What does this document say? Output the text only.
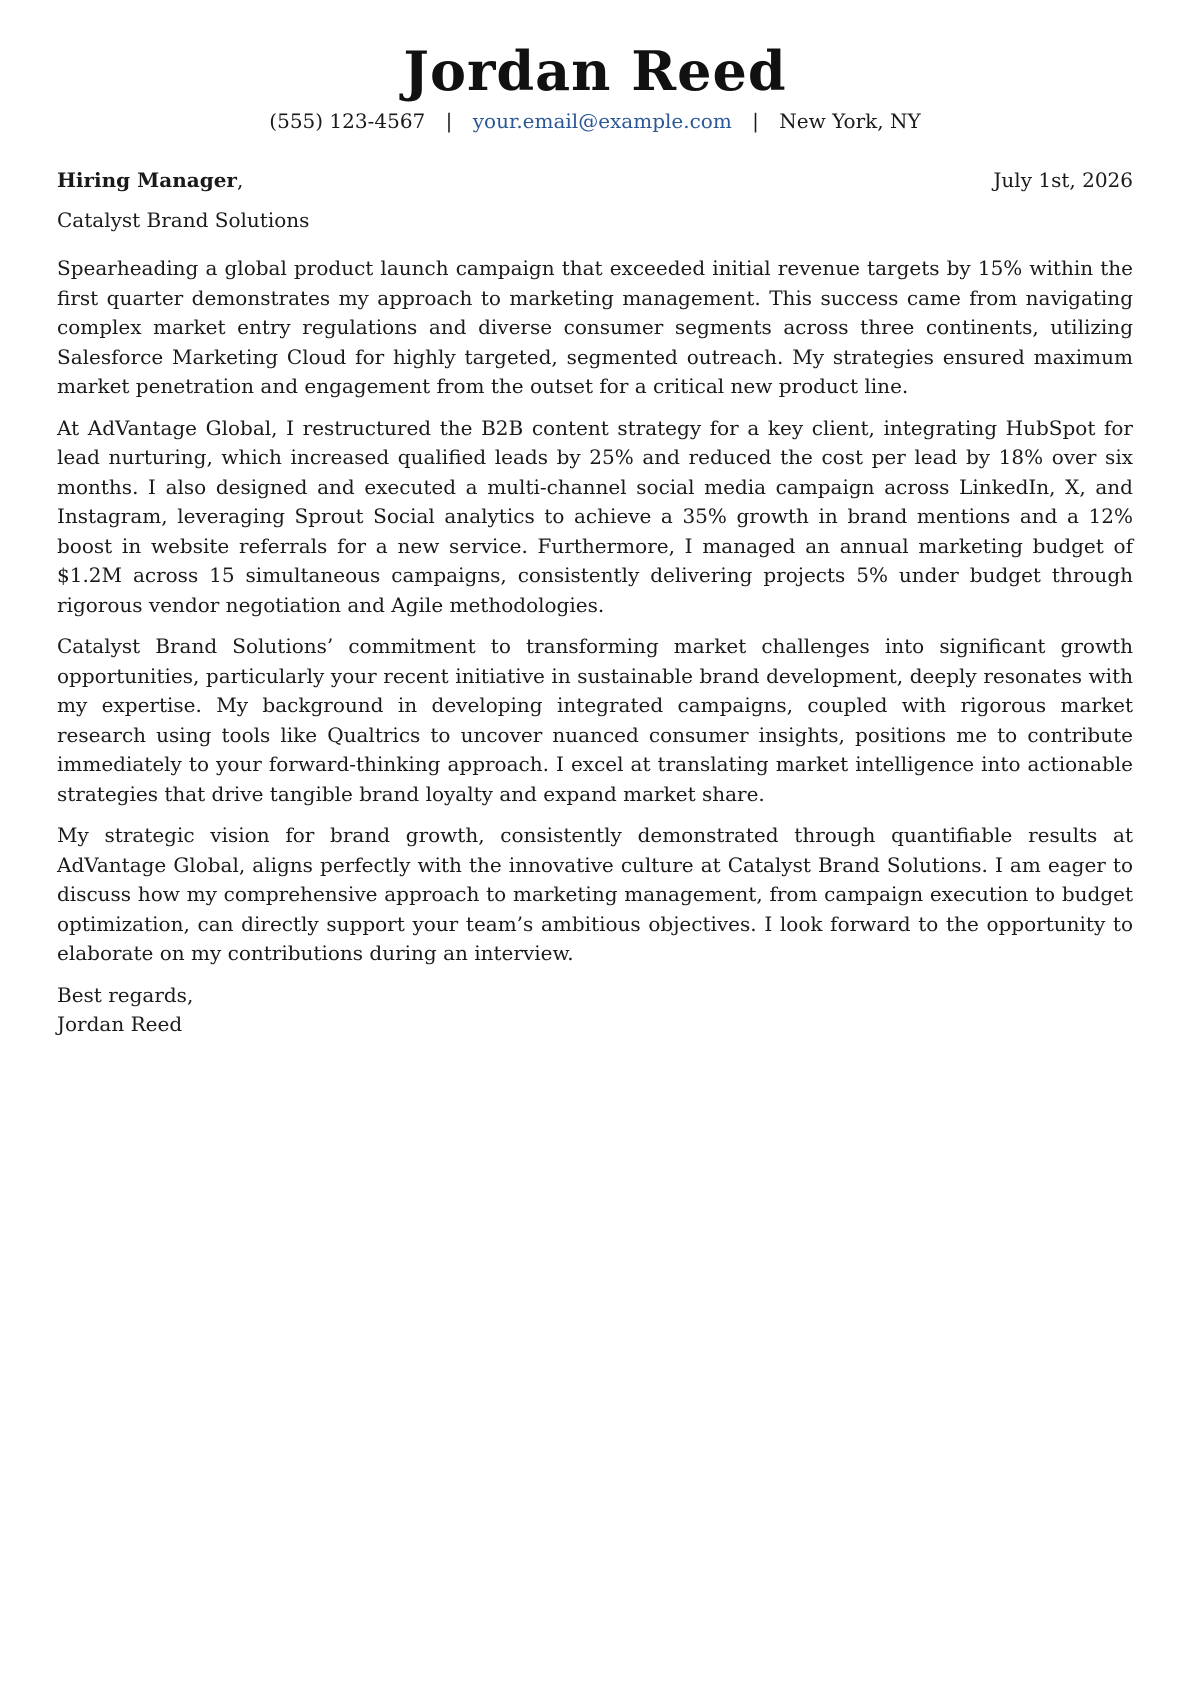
Jordan Reed
(555) 123-4567 | your.email@example.com | New York, NY
Hiring Manager,	July 1st, 2026
Catalyst Brand Solutions

Spearheading a global product launch campaign that exceeded initial revenue targets by 15% within the first quarter demonstrates my approach to marketing management. This success came from navigating complex market entry regulations and diverse consumer segments across three continents, utilizing Salesforce Marketing Cloud for highly targeted, segmented outreach. My strategies ensured maximum market penetration and engagement from the outset for a critical new product line.

At AdVantage Global, I restructured the B2B content strategy for a key client, integrating HubSpot for lead nurturing, which increased qualified leads by 25% and reduced the cost per lead by 18% over six months. I also designed and executed a multi-channel social media campaign across LinkedIn, X, and Instagram, leveraging Sprout Social analytics to achieve a 35% growth in brand mentions and a 12% boost in website referrals for a new service. Furthermore, I managed an annual marketing budget of $1.2M across 15 simultaneous campaigns, consistently delivering projects 5% under budget through rigorous vendor negotiation and Agile methodologies.

Catalyst Brand Solutions’ commitment to transforming market challenges into significant growth opportunities, particularly your recent initiative in sustainable brand development, deeply resonates with my expertise. My background in developing integrated campaigns, coupled with rigorous market research using tools like Qualtrics to uncover nuanced consumer insights, positions me to contribute immediately to your forward-thinking approach. I excel at translating market intelligence into actionable strategies that drive tangible brand loyalty and expand market share.

My strategic vision for brand growth, consistently demonstrated through quantifiable results at AdVantage Global, aligns perfectly with the innovative culture at Catalyst Brand Solutions. I am eager to discuss how my comprehensive approach to marketing management, from campaign execution to budget optimization, can directly support your team’s ambitious objectives. I look forward to the opportunity to elaborate on my contributions during an interview.

Best regards,
Jordan Reed
